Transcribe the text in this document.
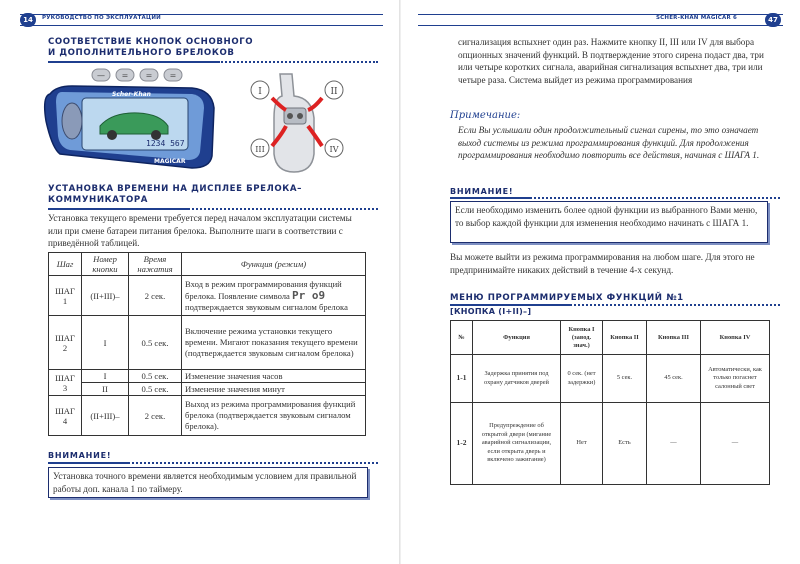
14	РУКОВОДСТВО ПО ЭКСПЛУАТАЦИИ	47
SCHER-KHAN MAGICAR 6
СООТВЕТСТВИЕ КНОПОК ОСНОВНОГО
И ДОПОЛНИТЕЛЬНОГО БРЕЛОКОВ
— = = =
Scher-Khan
1234 567
MAGICAR
I	II
III	IV
УСТАНОВКА ВРЕМЕНИ НА ДИСПЛЕЕ БРЕЛОКА–
КОММУНИКАТОРА
Установка текущего времени требуется перед началом эксплуатации системы или при смене батареи питания брелока. Выполните шаги в соответствии с приведённой таблицей.
Шаг	Номер кнопки	Время нажатия	Функция (режим)
ШАГ 1	(II+III)–	2 сек.	Вход в режим программирования функций брелока. Появление символа Pr o9 подтверждается звуковым сигналом брелока
ШАГ 2	I	0.5 сек.	Включение режима установки текущего времени. Мигают показания текущего времени (подтверждается звуковым сигналом брелока)
ШАГ 3	I	0.5 сек.	Изменение значения часов
	II	0.5 сек.	Изменение значения минут
ШАГ 4	(II+III)–	2 сек.	Выход из режима программирования функций брелока (подтверждается звуковым сигналом брелока).
ВНИМАНИЕ!
Установка точного времени является необходимым условием для правильной работы доп. канала 1 по таймеру.
сигнализация вспыхнет один раз. Нажмите кнопку II, III или IV для выбора опционных значений функций. В подтверждение этого сирена подаст два, три или четыре коротких сигнала, аварийная сигнализация вспыхнет два, три или четыре раза. Система выйдет из режима программирования
Примечание:
Если Вы услышали один продолжительный сигнал сирены, то это означает выход системы из режима программирования функций. Для продолжения программирования необходимо повторить все действия, начиная с ШАГА 1.
ВНИМАНИЕ!
Если необходимо изменить более одной функции из выбранного Вами меню, то выбор каждой функции для изменения необходимо начинать с ШАГА 1.
Вы можете выйти из режима программирования на любом шаге. Для этого не предпринимайте никаких действий в течение 4-х секунд.
МЕНЮ ПРОГРАММИРУЕМЫХ ФУНКЦИЙ №1
[КНОПКА (I+II)–]
№	Функция	Кнопка I (завод. знач.)	Кнопка II	Кнопка III	Кнопка IV
1-1	Задержка принятия под охрану датчиков дверей	0 сек. (нет задержки)	5 сек.	45 сек.	Автоматически, как только погаснет салонный свет
1-2	Предупреждение об открытой двери (мигание аварийной сигнализации, если открыта дверь и включено зажигание)	Нет	Есть	—	—
